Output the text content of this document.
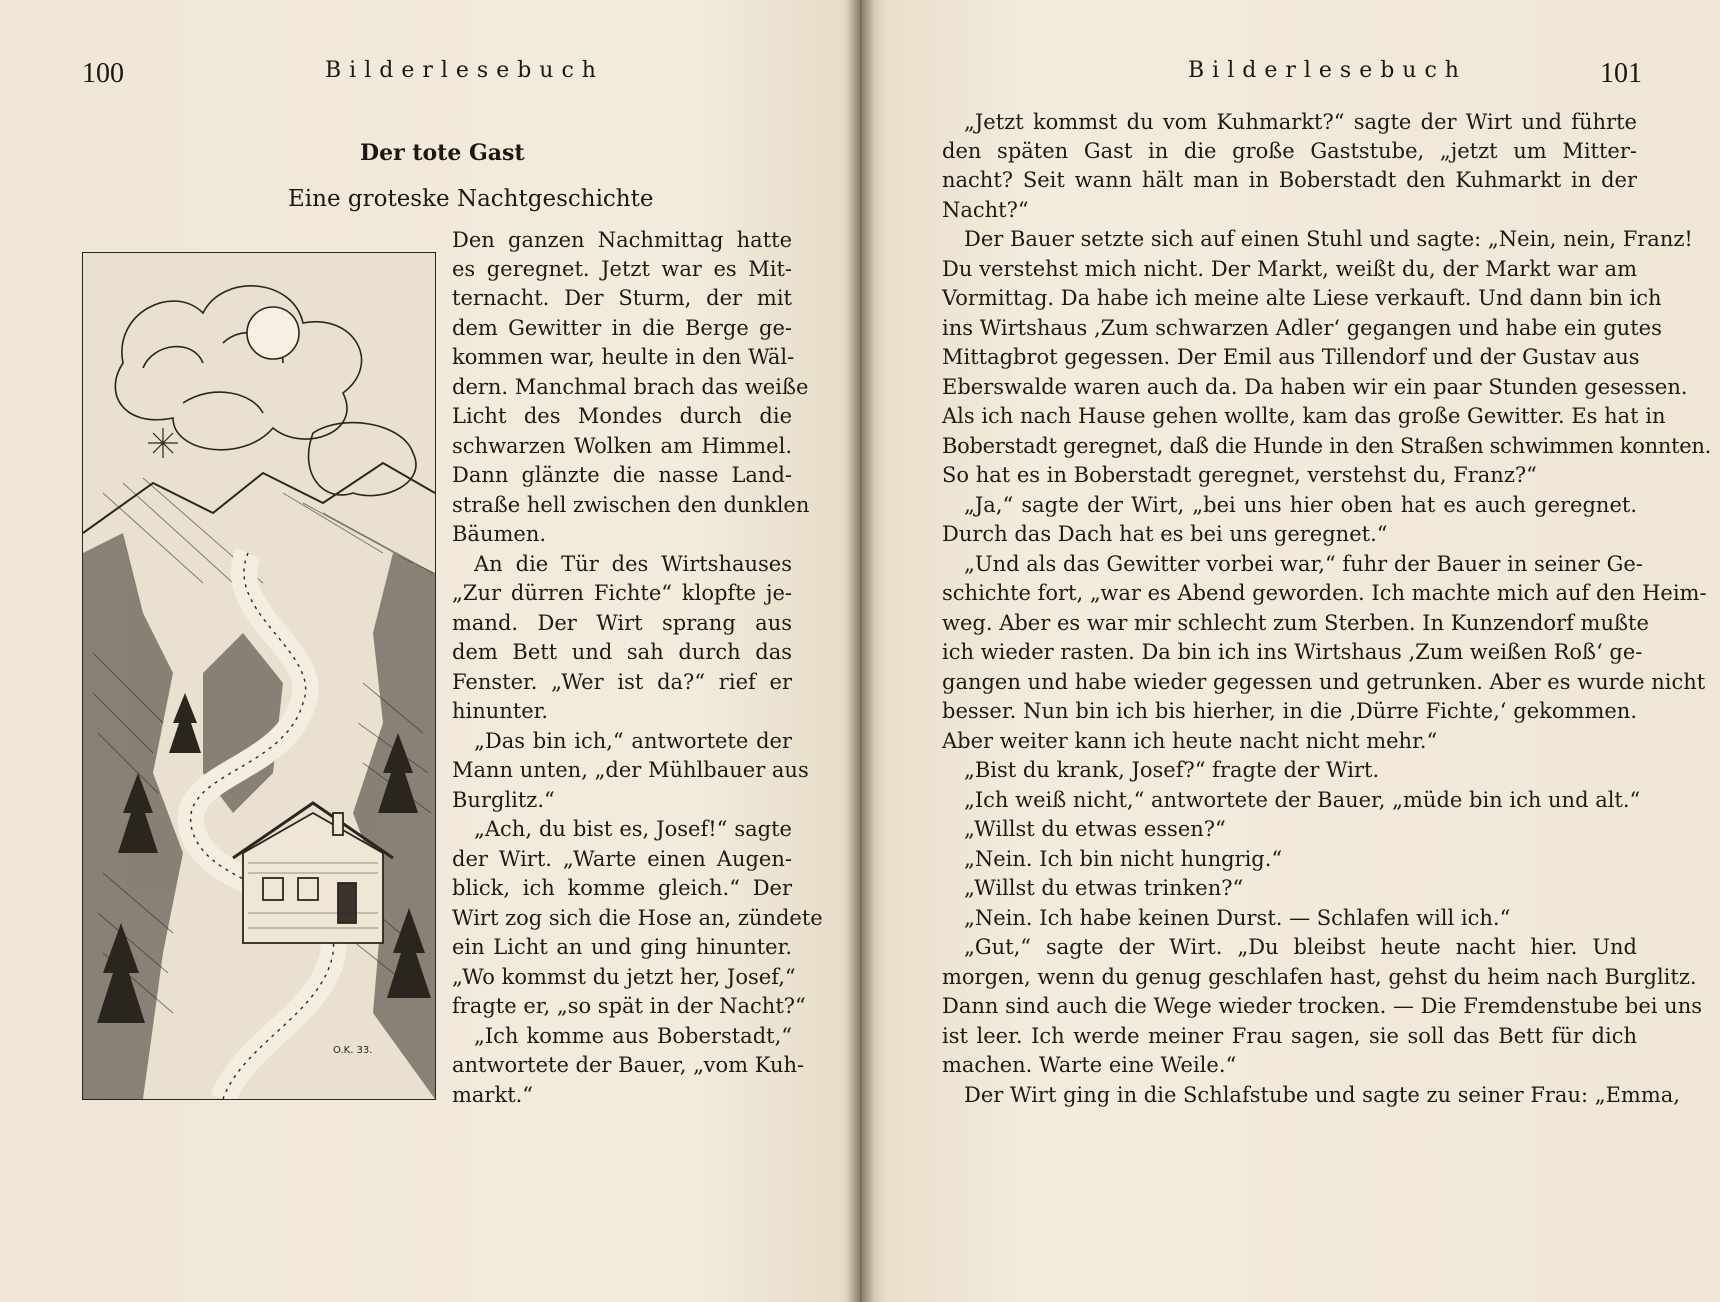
100	Bilderlesebuch
Der tote Gast
Eine groteske Nachtgeschichte
O.K. 33.
Den ganzen Nachmittag hatte
es geregnet. Jetzt war es Mit-
ternacht. Der Sturm, der mit
dem Gewitter in die Berge ge-
kommen war, heulte in den Wäl-
dern. Manchmal brach das weiße
Licht des Mondes durch die
schwarzen Wolken am Himmel.
Dann glänzte die nasse Land-
straße hell zwischen den dunklen
Bäumen.
An die Tür des Wirtshauses
„Zur dürren Fichte“ klopfte je-
mand. Der Wirt sprang aus
dem Bett und sah durch das
Fenster. „Wer ist da?“ rief er
hinunter.
„Das bin ich,“ antwortete der
Mann unten, „der Mühlbauer aus
Burglitz.“
„Ach, du bist es, Josef!“ sagte
der Wirt. „Warte einen Augen-
blick, ich komme gleich.“ Der
Wirt zog sich die Hose an, zündete
ein Licht an und ging hinunter.
„Wo kommst du jetzt her, Josef,“
fragte er, „so spät in der Nacht?“
„Ich komme aus Boberstadt,“
antwortete der Bauer, „vom Kuh-
markt.“
Bilderlesebuch	101
„Jetzt kommst du vom Kuhmarkt?“ sagte der Wirt und führte
den späten Gast in die große Gaststube, „jetzt um Mitter-
nacht? Seit wann hält man in Boberstadt den Kuhmarkt in der
Nacht?“
Der Bauer setzte sich auf einen Stuhl und sagte: „Nein, nein, Franz!
Du verstehst mich nicht. Der Markt, weißt du, der Markt war am
Vormittag. Da habe ich meine alte Liese verkauft. Und dann bin ich
ins Wirtshaus ‚Zum schwarzen Adler‘ gegangen und habe ein gutes
Mittagbrot gegessen. Der Emil aus Tillendorf und der Gustav aus
Eberswalde waren auch da. Da haben wir ein paar Stunden gesessen.
Als ich nach Hause gehen wollte, kam das große Gewitter. Es hat in
Boberstadt geregnet, daß die Hunde in den Straßen schwimmen konnten.
So hat es in Boberstadt geregnet, verstehst du, Franz?“
„Ja,“ sagte der Wirt, „bei uns hier oben hat es auch geregnet.
Durch das Dach hat es bei uns geregnet.“
„Und als das Gewitter vorbei war,“ fuhr der Bauer in seiner Ge-
schichte fort, „war es Abend geworden. Ich machte mich auf den Heim-
weg. Aber es war mir schlecht zum Sterben. In Kunzendorf mußte
ich wieder rasten. Da bin ich ins Wirtshaus ‚Zum weißen Roß‘ ge-
gangen und habe wieder gegessen und getrunken. Aber es wurde nicht
besser. Nun bin ich bis hierher, in die ‚Dürre Fichte,‘ gekommen.
Aber weiter kann ich heute nacht nicht mehr.“
„Bist du krank, Josef?“ fragte der Wirt.
„Ich weiß nicht,“ antwortete der Bauer, „müde bin ich und alt.“
„Willst du etwas essen?“
„Nein. Ich bin nicht hungrig.“
„Willst du etwas trinken?“
„Nein. Ich habe keinen Durst. — Schlafen will ich.“
„Gut,“ sagte der Wirt. „Du bleibst heute nacht hier. Und
morgen, wenn du genug geschlafen hast, gehst du heim nach Burglitz.
Dann sind auch die Wege wieder trocken. — Die Fremdenstube bei uns
ist leer. Ich werde meiner Frau sagen, sie soll das Bett für dich
machen. Warte eine Weile.“
Der Wirt ging in die Schlafstube und sagte zu seiner Frau: „Emma,
